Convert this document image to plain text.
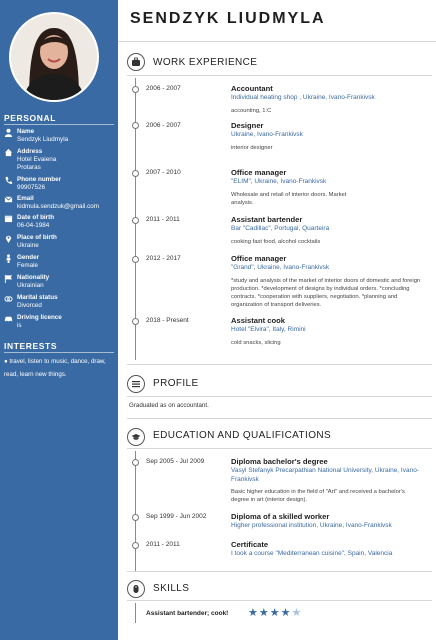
PERSONAL
Name
Sendzyk Liudmyla
Address
Hotel Evaiena Protaras
Phone number
99907526
Email
kidmula.sendzuk@gmail.com
Date of birth
06-04-1984
Place of birth
Ukraine
Gender
Female
Nationality
Ukrainian
Marital status
Divorced
Driving licence
is
INTERESTS
● travel, listen to music, dance, draw, read, learn new things.
SENDZYK LIUDMYLA
WORK EXPERIENCE
2006 - 2007	Accountant
Individual heating shop , Ukraine, Ivano-Frankivsk
accounting, 1:C
2006 - 2007	Designer
Ukraine, Ivano-Frankivsk
interior designer
2007 - 2010	Office manager
"ELIM", Ukraine, Ivano-Frankivsk
Wholesale and retail of interior doors. Market analysis.
2011 - 2011	Assistant bartender
Bar "Cadillac", Portugal, Quarteira
cooking fast food, alcohol cocktails
2012 - 2017	Office manager
"Grand", Ukraine, Ivano-Frankivsk
*study and analysis of the market of interior doors of domestic and foreign production. *development of designs by individual orders. *concluding contracts. *cooperation with suppliers, negotiation. *planning and organization of transport deliveries.
2018 - Present	Assistant cook
Hotel "Elvira", Italy, Rimini
cold snacks, slicing
PROFILE
Graduated as on accountant.
EDUCATION AND QUALIFICATIONS
Sep 2005 - Jul 2009	Diploma bachelor's degree
Vasyl Stefanyk Precarpathian National University, Ukraine, Ivano-Frankivsk
Basic higher education in the field of "Art" and received a bachelor's degree in art (interior design).
Sep 1999 - Jun 2002	Diploma of a skilled worker
Higher professional institution, Ukraine, Ivano-Frankivsk
2011 - 2011	Certificate
I took a course "Mediterranean cuisine", Spain, Valencia
SKILLS
Assistant bartender; cook! ★★★★★
